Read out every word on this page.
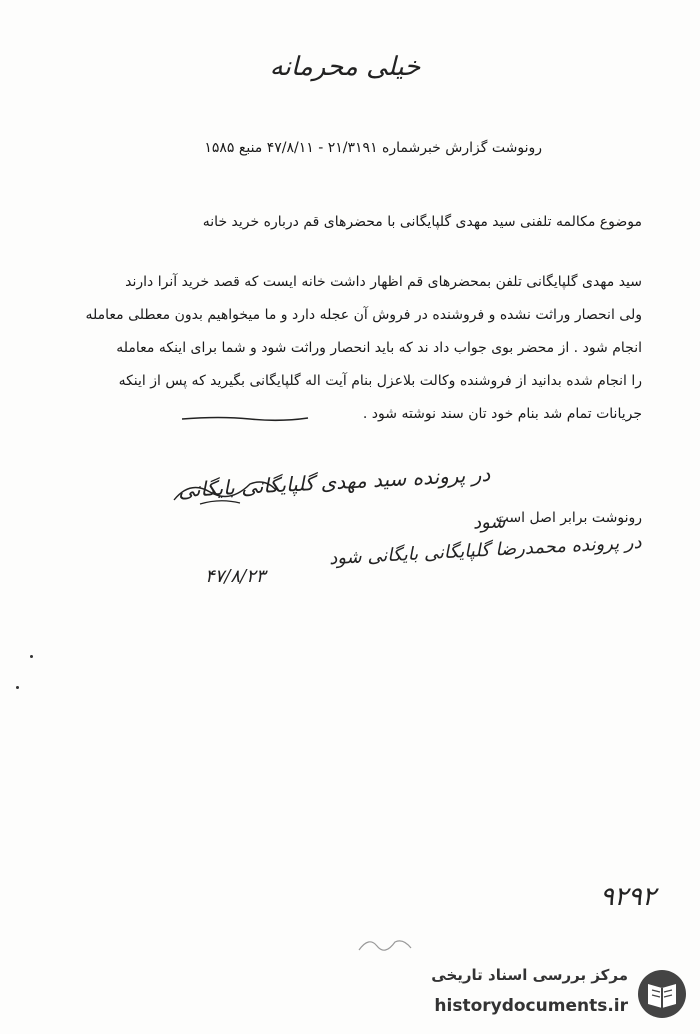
خیلی محرمانه
رونوشت گزارش خبرشماره ۲۱/۳۱۹۱ - ۴۷/۸/۱۱ منبع ۱۵۸۵
موضوع مکالمه تلفنی سید مهدی گلپایگانی با محضرهای قم درباره خرید خانه
سید مهدی گلپایگانی تلفن بمحضرهای قم اظهار داشت خانه ایست که قصد خرید آنرا دارند
ولی انحصار وراثت نشده و فروشنده در فروش آن عجله دارد و ما میخواهیم بدون معطلی معامله
انجام شود . از محضر بوی جواب داد ند که باید انحصار وراثت شود و شما برای اینکه معامله
را انجام شده بدانید از فروشنده وکالت بلاعزل بنام آیت اله گلپایگانی بگیرید که پس از اینکه
جریانات تمام شد بنام خود تان سند نوشته شود .
رونوشت برابر اصل است
در پرونده سید مهدی گلپایگانی بایگانی
شود
در پرونده محمدرضا گلپایگانی بایگانی شود
۴۷/۸/۲۳
۹۲۹۲
مرکز بررسی اسناد تاریخی
historydocuments.ir
